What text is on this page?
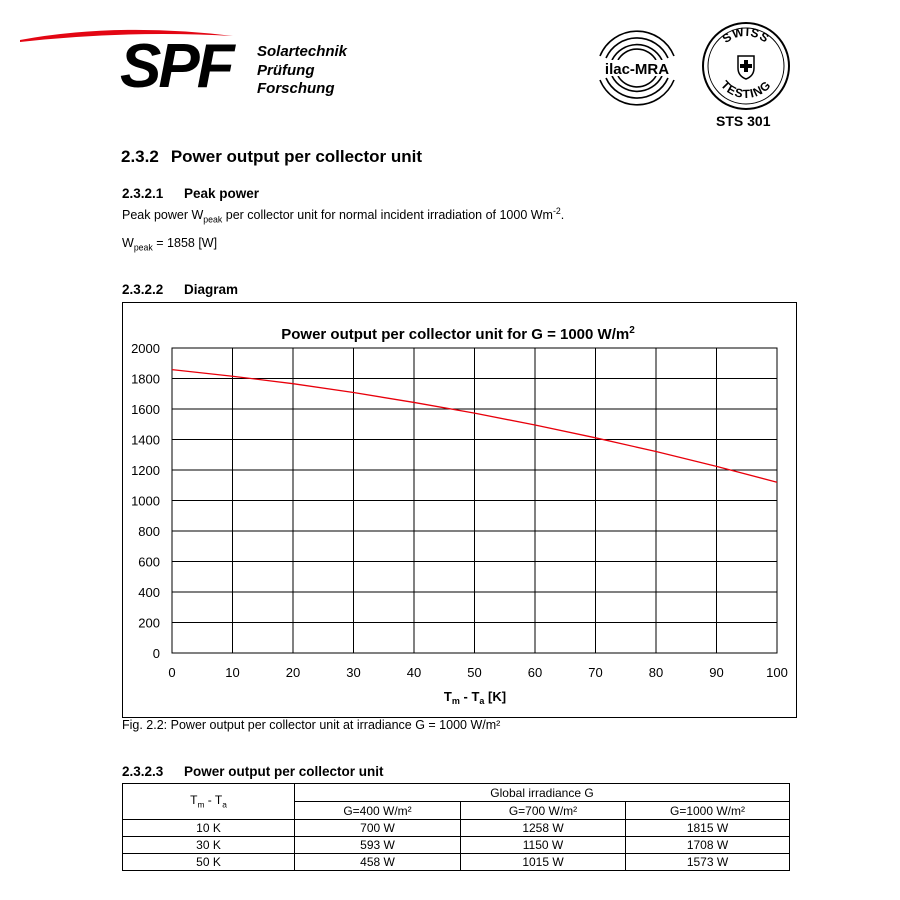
SPF Solartechnik
Prüfung
Forschung
ilac-MRA
SWISS
TESTING
STS 301
2.3.2 Power output per collector unit
2.3.2.1 Peak power
Peak power $W_{peak}$ per collector unit for normal incident irradiation of 1000 $Wm^{-2}$.
$W_{peak} = 1858$ [W]
2.3.2.2 Diagram
Power output per collector unit for G = 1000 $W/m^2$
0	10	20	30	40	50	60	70	80	90	100
0
200
400
600
800
1000
1200
1400
1600
1800
2000
$T_m - T_a$ [K]
Fig. 2.2: Power output per collector unit at irradiance G = 1000 W/m²
2.3.2.3 Power output per collector unit
$T_m - T_a$	Global irradiance G		
	G=400 W/m²	G=700 W/m²	G=1000 W/m²
10 K	700 W	1258 W	1815 W
30 K	593 W	1150 W	1708 W
50 K	458 W	1015 W	1573 W
